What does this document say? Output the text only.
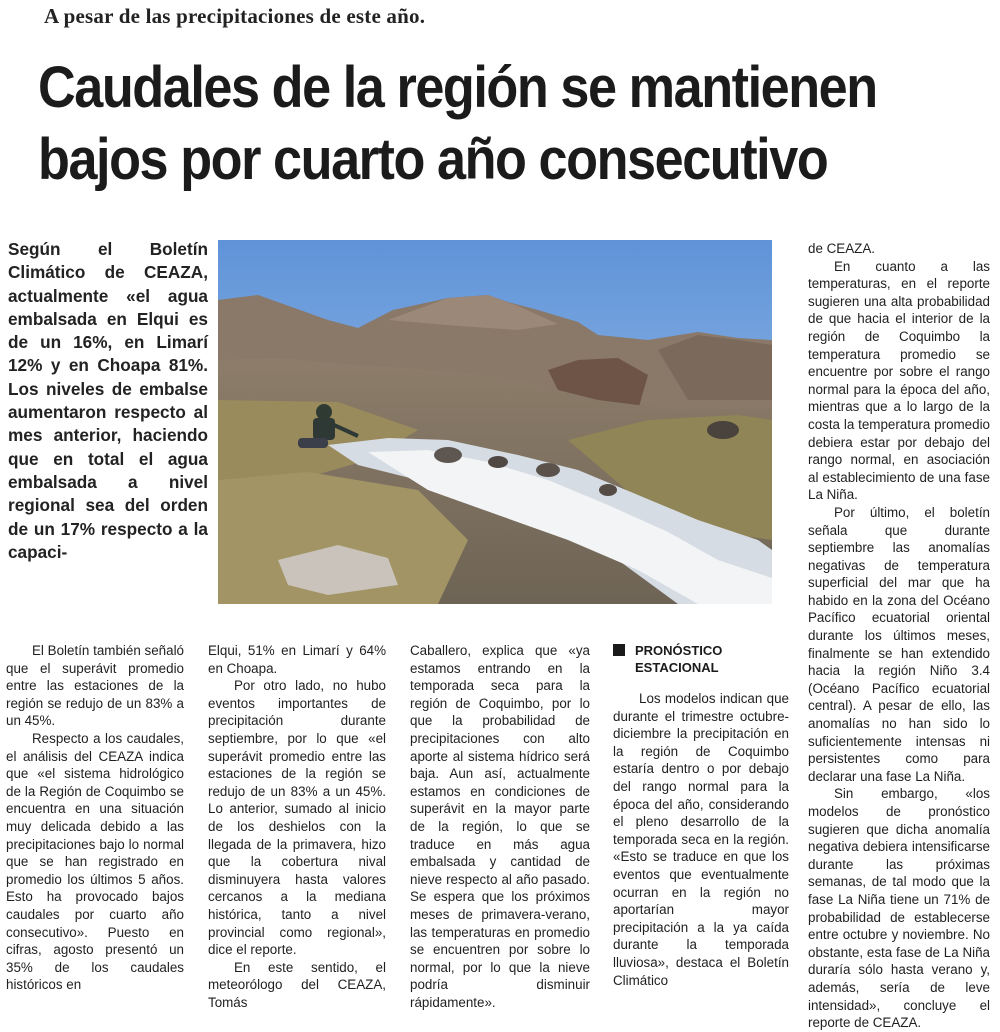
A pesar de las precipitaciones de este año.
Caudales de la región se mantienen bajos por cuarto año consecutivo

Según el Boletín Climático de CEAZA, actualmente «el agua embalsada en Elqui es de un 16%, en Limarí 12% y en Choapa 81%. Los niveles de embalse aumentaron respecto al mes anterior, haciendo que en total el agua embalsada a nivel regional sea del orden de un 17% respecto a la capaci-

El Boletín también señaló que el superávit promedio entre las estaciones de la región se redujo de un 83% a un 45%.

Respecto a los caudales, el análisis del CEAZA indica que «el sistema hidrológico de la Región de Coquimbo se encuentra en una situación muy delicada debido a las precipitaciones bajo lo normal que se han registrado en promedio los últimos 5 años. Esto ha provocado bajos caudales por cuarto año consecutivo». Puesto en cifras, agosto presentó un 35% de los caudales históricos en

Elqui, 51% en Limarí y 64% en Choapa.

Por otro lado, no hubo eventos importantes de precipitación durante septiembre, por lo que «el superávit promedio entre las estaciones de la región se redujo de un 83% a un 45%. Lo anterior, sumado al inicio de los deshielos con la llegada de la primavera, hizo que la cobertura nival disminuyera hasta valores cercanos a la mediana histórica, tanto a nivel provincial como regional», dice el reporte.

En este sentido, el meteorólogo del CEAZA, Tomás

Caballero, explica que «ya estamos entrando en la temporada seca para la región de Coquimbo, por lo que la probabilidad de precipitaciones con alto aporte al sistema hídrico será baja. Aun así, actualmente estamos en condiciones de superávit en la mayor parte de la región, lo que se traduce en más agua embalsada y cantidad de nieve respecto al año pasado. Se espera que los próximos meses de primavera-verano, las temperaturas en promedio se encuentren por sobre lo normal, por lo que la nieve podría disminuir rápidamente».

PRONÓSTICO ESTACIONAL

Los modelos indican que durante el trimestre octubre-diciembre la precipitación en la región de Coquimbo estaría dentro o por debajo del rango normal para la época del año, considerando el pleno desarrollo de la temporada seca en la región. «Esto se traduce en que los eventos que eventualmente ocurran en la región no aportarían mayor precipitación a la ya caída durante la temporada lluviosa», destaca el Boletín Climático

de CEAZA.

En cuanto a las temperaturas, en el reporte sugieren una alta probabilidad de que hacia el interior de la región de Coquimbo la temperatura promedio se encuentre por sobre el rango normal para la época del año, mientras que a lo largo de la costa la temperatura promedio debiera estar por debajo del rango normal, en asociación al establecimiento de una fase La Niña.

Por último, el boletín señala que durante septiembre las anomalías negativas de temperatura superficial del mar que ha habido en la zona del Océano Pacífico ecuatorial oriental durante los últimos meses, finalmente se han extendido hacia la región Niño 3.4 (Océano Pacífico ecuatorial central). A pesar de ello, las anomalías no han sido lo suficientemente intensas ni persistentes como para declarar una fase La Niña.

Sin embargo, «los modelos de pronóstico sugieren que dicha anomalía negativa debiera intensificarse durante las próximas semanas, de tal modo que la fase La Niña tiene un 71% de probabilidad de establecerse entre octubre y noviembre. No obstante, esta fase de La Niña duraría sólo hasta verano y, además, sería de leve intensidad», concluye el reporte de CEAZA.
